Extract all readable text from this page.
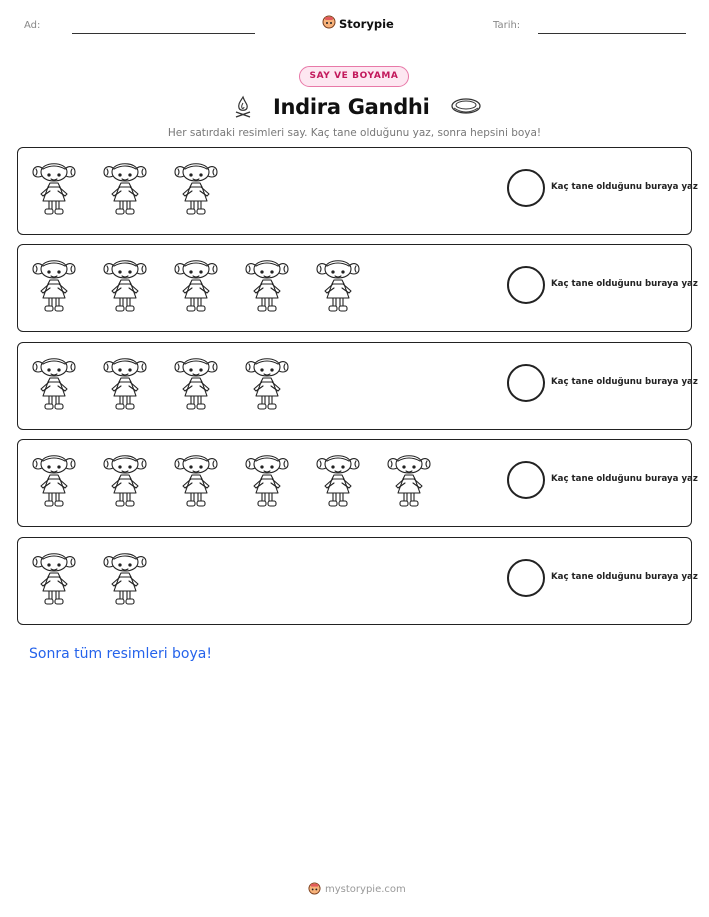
Ad:	Storypie	Tarih:
SAY VE BOYAMA
Indira Gandhi
Her satırdaki resimleri say. Kaç tane olduğunu yaz, sonra hepsini boya!
Kaç tane olduğunu buraya yaz
Kaç tane olduğunu buraya yaz
Kaç tane olduğunu buraya yaz
Kaç tane olduğunu buraya yaz
Kaç tane olduğunu buraya yaz
Sonra tüm resimleri boya!
mystorypie.com
